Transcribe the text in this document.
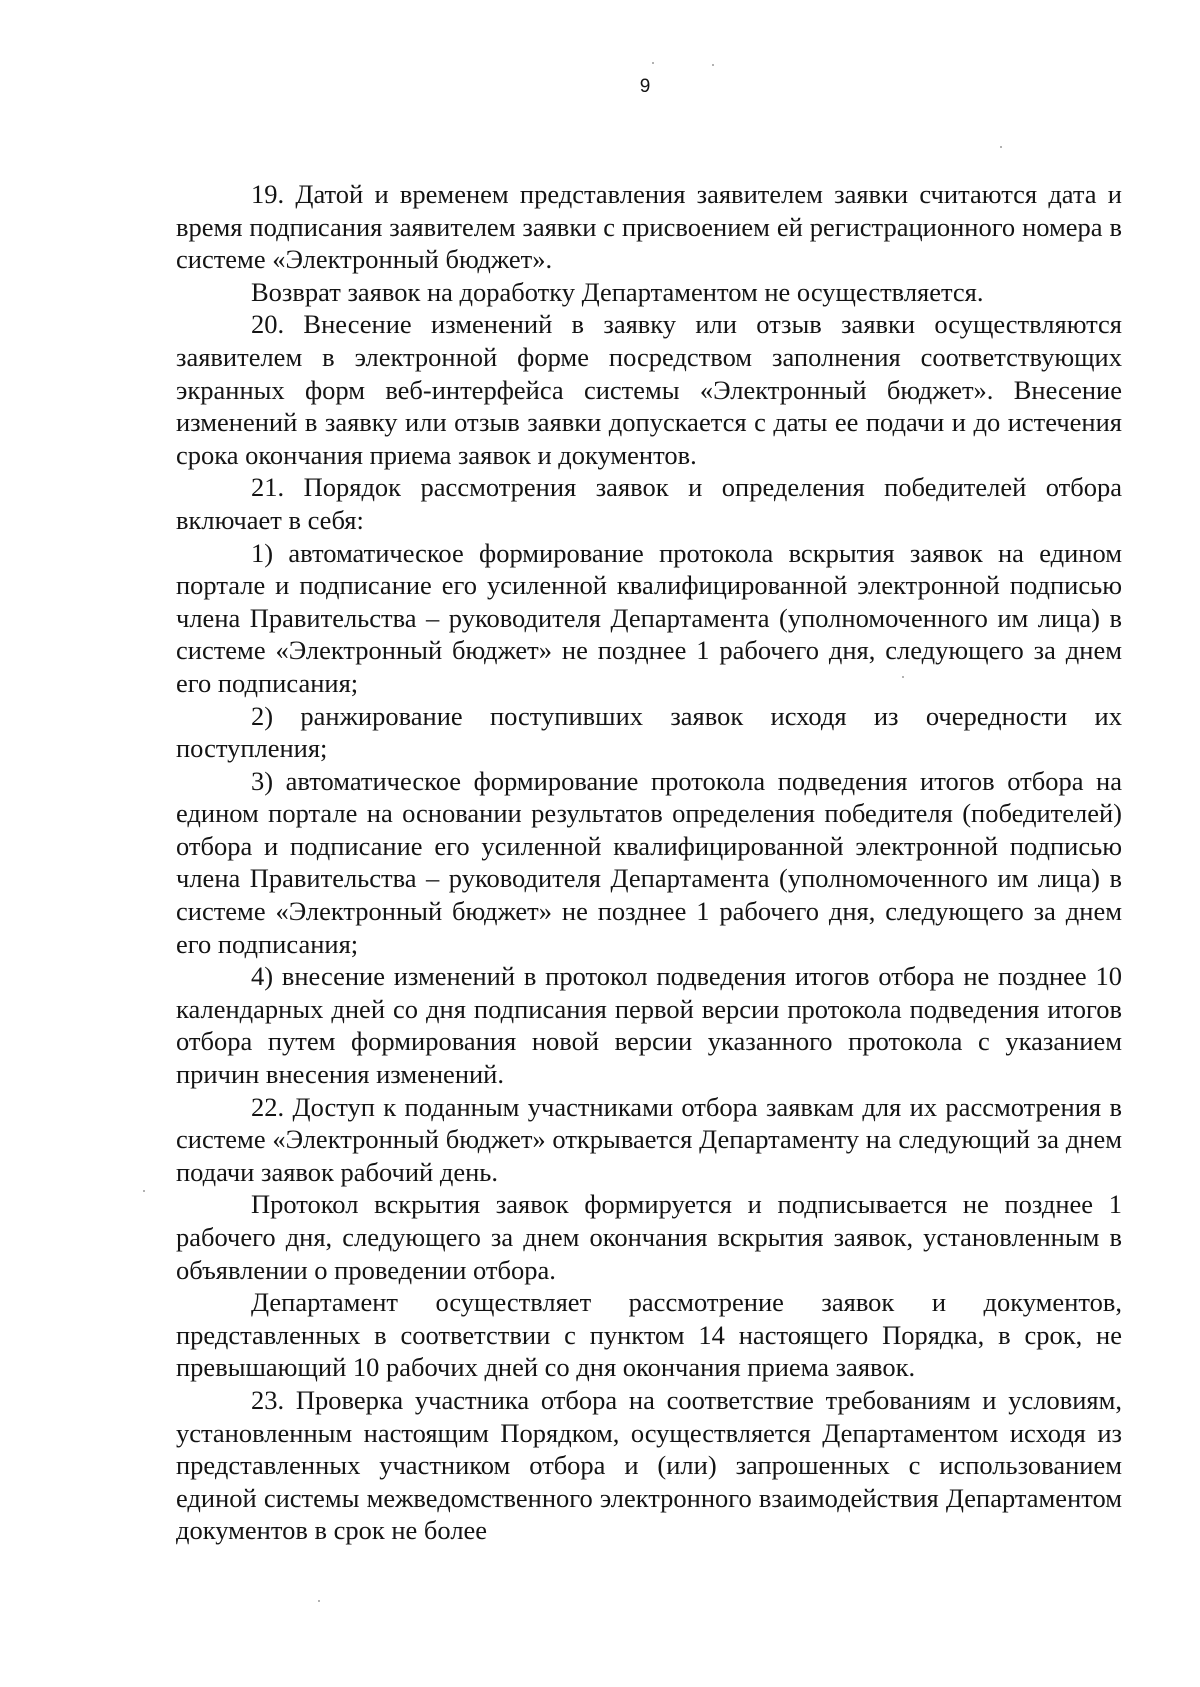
9

19. Датой и временем представления заявителем заявки считаются дата и время подписания заявителем заявки с присвоением ей регистрационного номера в системе «Электронный бюджет».

Возврат заявок на доработку Департаментом не осуществляется.

20. Внесение изменений в заявку или отзыв заявки осуществляются заявителем в электронной форме посредством заполнения соответствующих экранных форм веб-интерфейса системы «Электронный бюджет». Внесение изменений в заявку или отзыв заявки допускается с даты ее подачи и до истечения срока окончания приема заявок и документов.

21. Порядок рассмотрения заявок и определения победителей отбора включает в себя:

1) автоматическое формирование протокола вскрытия заявок на едином портале и подписание его усиленной квалифицированной электронной подписью члена Правительства – руководителя Департамента (уполномоченного им лица) в системе «Электронный бюджет» не позднее 1 рабочего дня, следующего за днем его подписания;

2) ранжирование поступивших заявок исходя из очередности их поступления;

3) автоматическое формирование протокола подведения итогов отбора на едином портале на основании результатов определения победителя (победителей) отбора и подписание его усиленной квалифицированной электронной подписью члена Правительства – руководителя Департамента (уполномоченного им лица) в системе «Электронный бюджет» не позднее 1 рабочего дня, следующего за днем его подписания;

4) внесение изменений в протокол подведения итогов отбора не позднее 10 календарных дней со дня подписания первой версии протокола подведения итогов отбора путем формирования новой версии указанного протокола с указанием причин внесения изменений.

22. Доступ к поданным участниками отбора заявкам для их рассмотрения в системе «Электронный бюджет» открывается Департаменту на следующий за днем подачи заявок рабочий день.

Протокол вскрытия заявок формируется и подписывается не позднее 1 рабочего дня, следующего за днем окончания вскрытия заявок, установленным в объявлении о проведении отбора.

Департамент осуществляет рассмотрение заявок и документов, представленных в соответствии с пунктом 14 настоящего Порядка, в срок, не превышающий 10 рабочих дней со дня окончания приема заявок.

23. Проверка участника отбора на соответствие требованиям и условиям, установленным настоящим Порядком, осуществляется Департаментом исходя из представленных участником отбора и (или) запрошенных с использованием единой системы межведомственного электронного взаимодействия Департаментом документов в срок не более
